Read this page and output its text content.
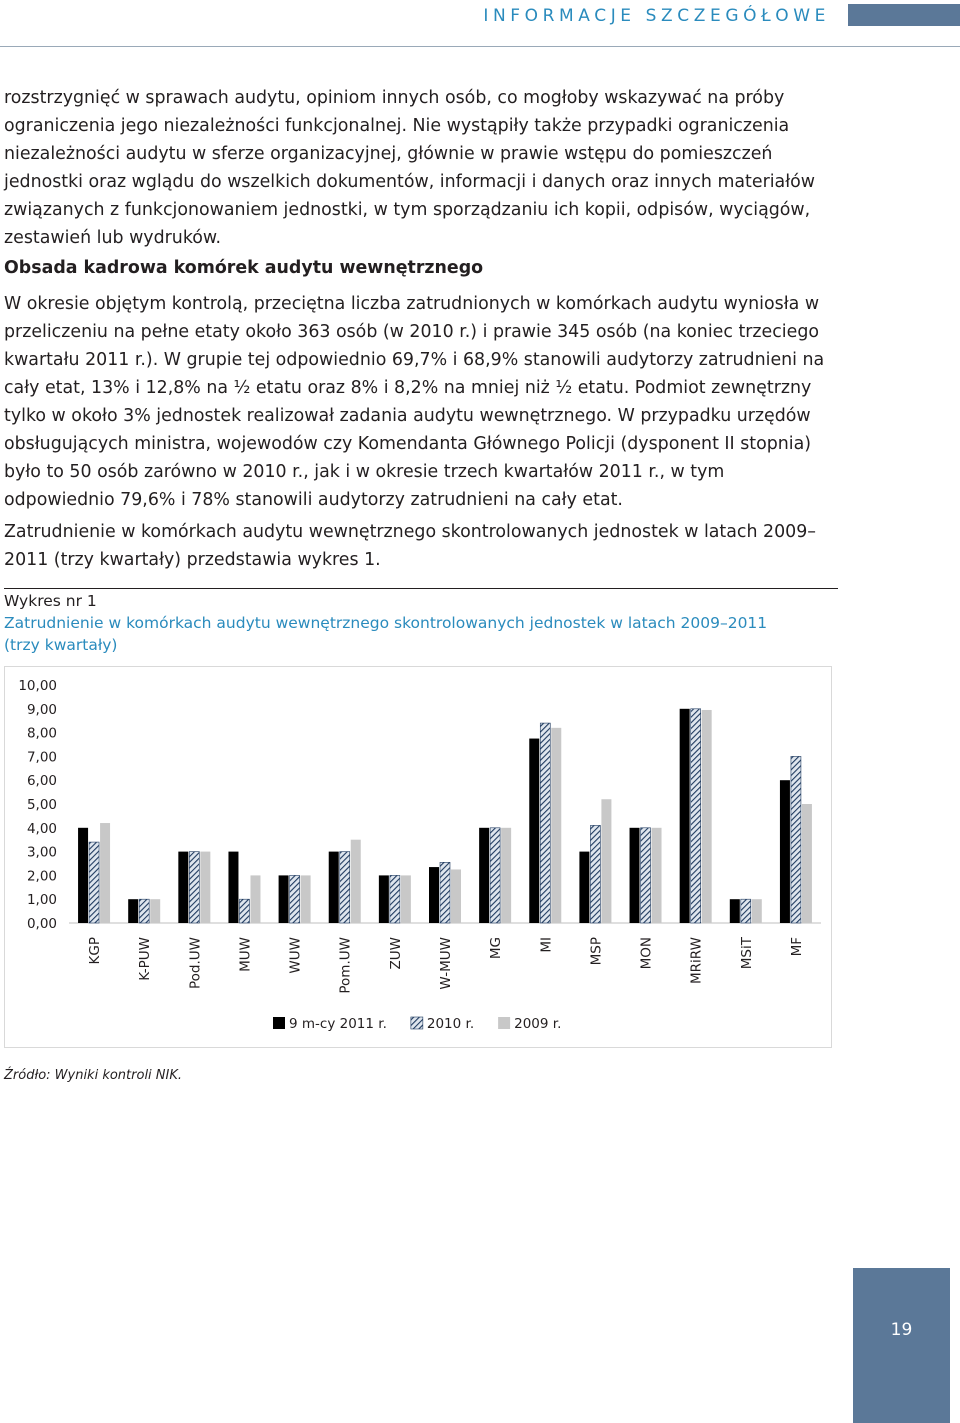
INFORMACJE SZCZEGÓŁOWE

rozstrzygnięć w sprawach audytu, opiniom innych osób, co mogłoby wskazywać na próby ograniczenia jego niezależności funkcjonalnej. Nie wystąpiły także przypadki ograniczenia niezależności audytu w sferze organizacyjnej, głównie w prawie wstępu do pomieszczeń jednostki oraz wglądu do wszelkich dokumentów, informacji i danych oraz innych materiałów związanych z funkcjonowaniem jednostki, w tym sporządzaniu ich kopii, odpisów, wyciągów, zestawień lub wydruków.

Obsada kadrowa komórek audytu wewnętrznego

W okresie objętym kontrolą, przeciętna liczba zatrudnionych w komórkach audytu wyniosła w przeliczeniu na pełne etaty około 363 osób (w 2010 r.) i prawie 345 osób (na koniec trzeciego kwartału 2011 r.). W grupie tej odpowiednio 69,7% i 68,9% stanowili audytorzy zatrudnieni na cały etat, 13% i 12,8% na ½ etatu oraz 8% i 8,2% na mniej niż ½ etatu. Podmiot zewnętrzny tylko w około 3% jednostek realizował zadania audytu wewnętrznego. W przypadku urzędów obsługujących ministra, wojewodów czy Komendanta Głównego Policji (dysponent II stopnia) było to 50 osób zarówno w 2010 r., jak i w okresie trzech kwartałów 2011 r., w tym odpowiednio 79,6% i 78% stanowili audytorzy zatrudnieni na cały etat.

Zatrudnienie w komórkach audytu wewnętrznego skontrolowanych jednostek w latach 2009–2011 (trzy kwartały) przedstawia wykres 1.

Wykres nr 1
Zatrudnienie w komórkach audytu wewnętrznego skontrolowanych jednostek w latach 2009–2011 (trzy kwartały)
10,00
9,00
8,00
7,00
6,00
5,00
4,00
3,00
2,00
1,00
0,00
KGP	K-PUW	Pod.UW	MUW	WUW	Pom.UW	ZUW	W-MUW	MG	MI	MSP	MON	MRiRW	MSiT	MF
9 m-cy 2011 r.	2010 r.	2009 r.
Źródło: Wyniki kontroli NIK.
19
